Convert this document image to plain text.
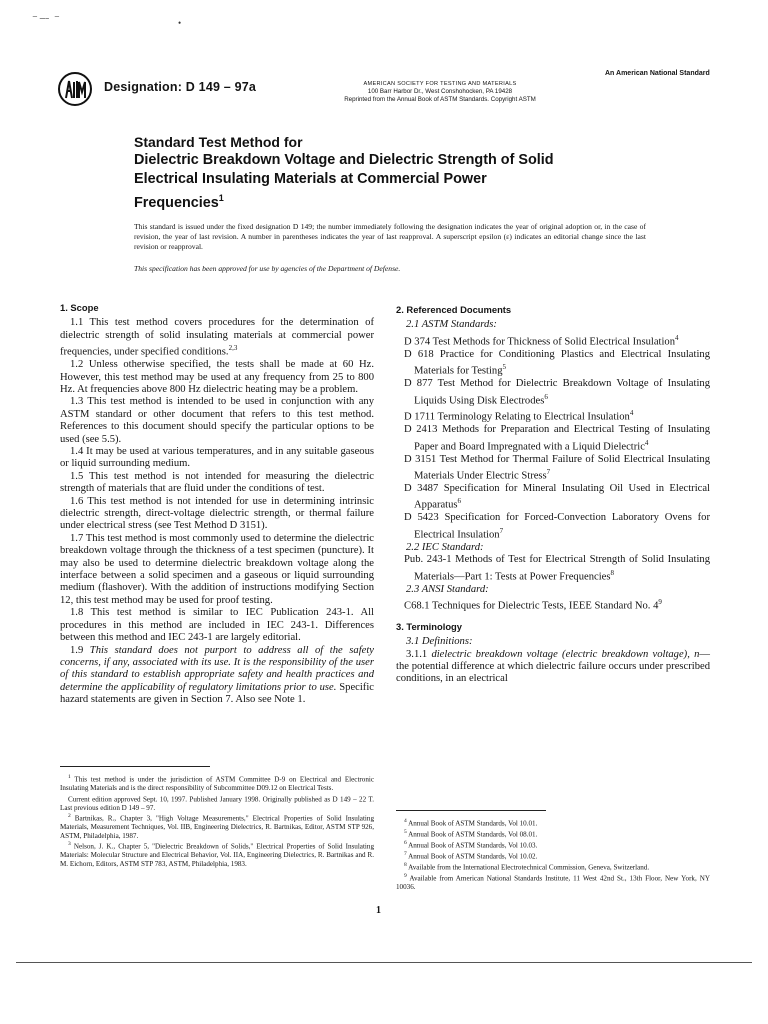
⁻ ̶ ̵ ⁻	•
Designation: D 149 – 97a	AMERICAN SOCIETY FOR TESTING AND MATERIALS
100 Barr Harbor Dr., West Conshohocken, PA 19428
Reprinted from the Annual Book of ASTM Standards. Copyright ASTM
An American National Standard
Standard Test Method for
Dielectric Breakdown Voltage and Dielectric Strength of Solid
Electrical Insulating Materials at Commercial Power
Frequencies$^1$
This standard is issued under the fixed designation D 149; the number immediately following the designation indicates the year of original adoption or, in the case of revision, the year of last revision. A number in parentheses indicates the year of last reapproval. A superscript epsilon (ε) indicates an editorial change since the last revision or reapproval.
This specification has been approved for use by agencies of the Department of Defense.

1. Scope

1.1 This test method covers procedures for the determination of dielectric strength of solid insulating materials at commercial power frequencies, under specified conditions.$^{2,3}$

1.2 Unless otherwise specified, the tests shall be made at 60 Hz. However, this test method may be used at any frequency from 25 to 800 Hz. At frequencies above 800 Hz dielectric heating may be a problem.

1.3 This test method is intended to be used in conjunction with any ASTM standard or other document that refers to this test method. References to this document should specify the particular options to be used (see 5.5).

1.4 It may be used at various temperatures, and in any suitable gaseous or liquid surrounding medium.

1.5 This test method is not intended for measuring the dielectric strength of materials that are fluid under the conditions of test.

1.6 This test method is not intended for use in determining intrinsic dielectric strength, direct-voltage dielectric strength, or thermal failure under electrical stress (see Test Method D 3151).

1.7 This test method is most commonly used to determine the dielectric breakdown voltage through the thickness of a test specimen (puncture). It may also be used to determine dielectric breakdown voltage along the interface between a solid specimen and a gaseous or liquid surrounding medium (flashover). With the addition of instructions modifying Section 12, this test method may be used for proof testing.

1.8 This test method is similar to IEC Publication 243-1. All procedures in this method are included in IEC 243-1. Differences between this method and IEC 243-1 are largely editorial.

1.9 This standard does not purport to address all of the safety concerns, if any, associated with its use. It is the responsibility of the user of this standard to establish appropriate safety and health practices and determine the applicability of regulatory limitations prior to use. Specific hazard statements are given in Section 7. Also see Note 1.

2. Referenced Documents

2.1 ASTM Standards:

D 374 Test Methods for Thickness of Solid Electrical Insulation$^4$

D 618 Practice for Conditioning Plastics and Electrical Insulating Materials for Testing$^5$

D 877 Test Method for Dielectric Breakdown Voltage of Insulating Liquids Using Disk Electrodes$^6$

D 1711 Terminology Relating to Electrical Insulation$^4$

D 2413 Methods for Preparation and Electrical Testing of Insulating Paper and Board Impregnated with a Liquid Dielectric$^4$

D 3151 Test Method for Thermal Failure of Solid Electrical Insulating Materials Under Electric Stress$^7$

D 3487 Specification for Mineral Insulating Oil Used in Electrical Apparatus$^6$

D 5423 Specification for Forced-Convection Laboratory Ovens for Electrical Insulation$^7$

2.2 IEC Standard:

Pub. 243-1 Methods of Test for Electrical Strength of Solid Insulating Materials—Part 1: Tests at Power Frequencies$^8$

2.3 ANSI Standard:

C68.1 Techniques for Dielectric Tests, IEEE Standard No. $4^9$

3. Terminology

3.1 Definitions:

3.1.1 dielectric breakdown voltage (electric breakdown voltage), n—the potential difference at which dielectric failure occurs under prescribed conditions, in an electrical

$^1$ This test method is under the jurisdiction of ASTM Committee D-9 on Electrical and Electronic Insulating Materials and is the direct responsibility of Subcommittee D09.12 on Electrical Tests.

Current edition approved Sept. 10, 1997. Published January 1998. Originally published as D 149 – 22 T. Last previous edition D 149 – 97.

$^2$ Bartnikas, R., Chapter 3, "High Voltage Measurements," Electrical Properties of Solid Insulating Materials, Measurement Techniques, Vol. IIB, Engineering Dielectrics, R. Bartnikas, Editor, ASTM STP 926, ASTM, Philadelphia, 1987.

$^3$ Nelson, J. K., Chapter 5, "Dielectric Breakdown of Solids," Electrical Properties of Solid Insulating Materials: Molecular Structure and Electrical Behavior, Vol. IIA, Engineering Dielectrics, R. Bartnikas and R. M. Eichorn, Editors, ASTM STP 783, ASTM, Philadelphia, 1983.

$^4$ Annual Book of ASTM Standards, Vol 10.01.

$^5$ Annual Book of ASTM Standards, Vol 08.01.

$^6$ Annual Book of ASTM Standards, Vol 10.03.

$^7$ Annual Book of ASTM Standards, Vol 10.02.

$^8$ Available from the International Electrotechnical Commission, Geneva, Switzerland.

$^9$ Available from American National Standards Institute, 11 West 42nd St., 13th Floor, New York, NY 10036.

1
